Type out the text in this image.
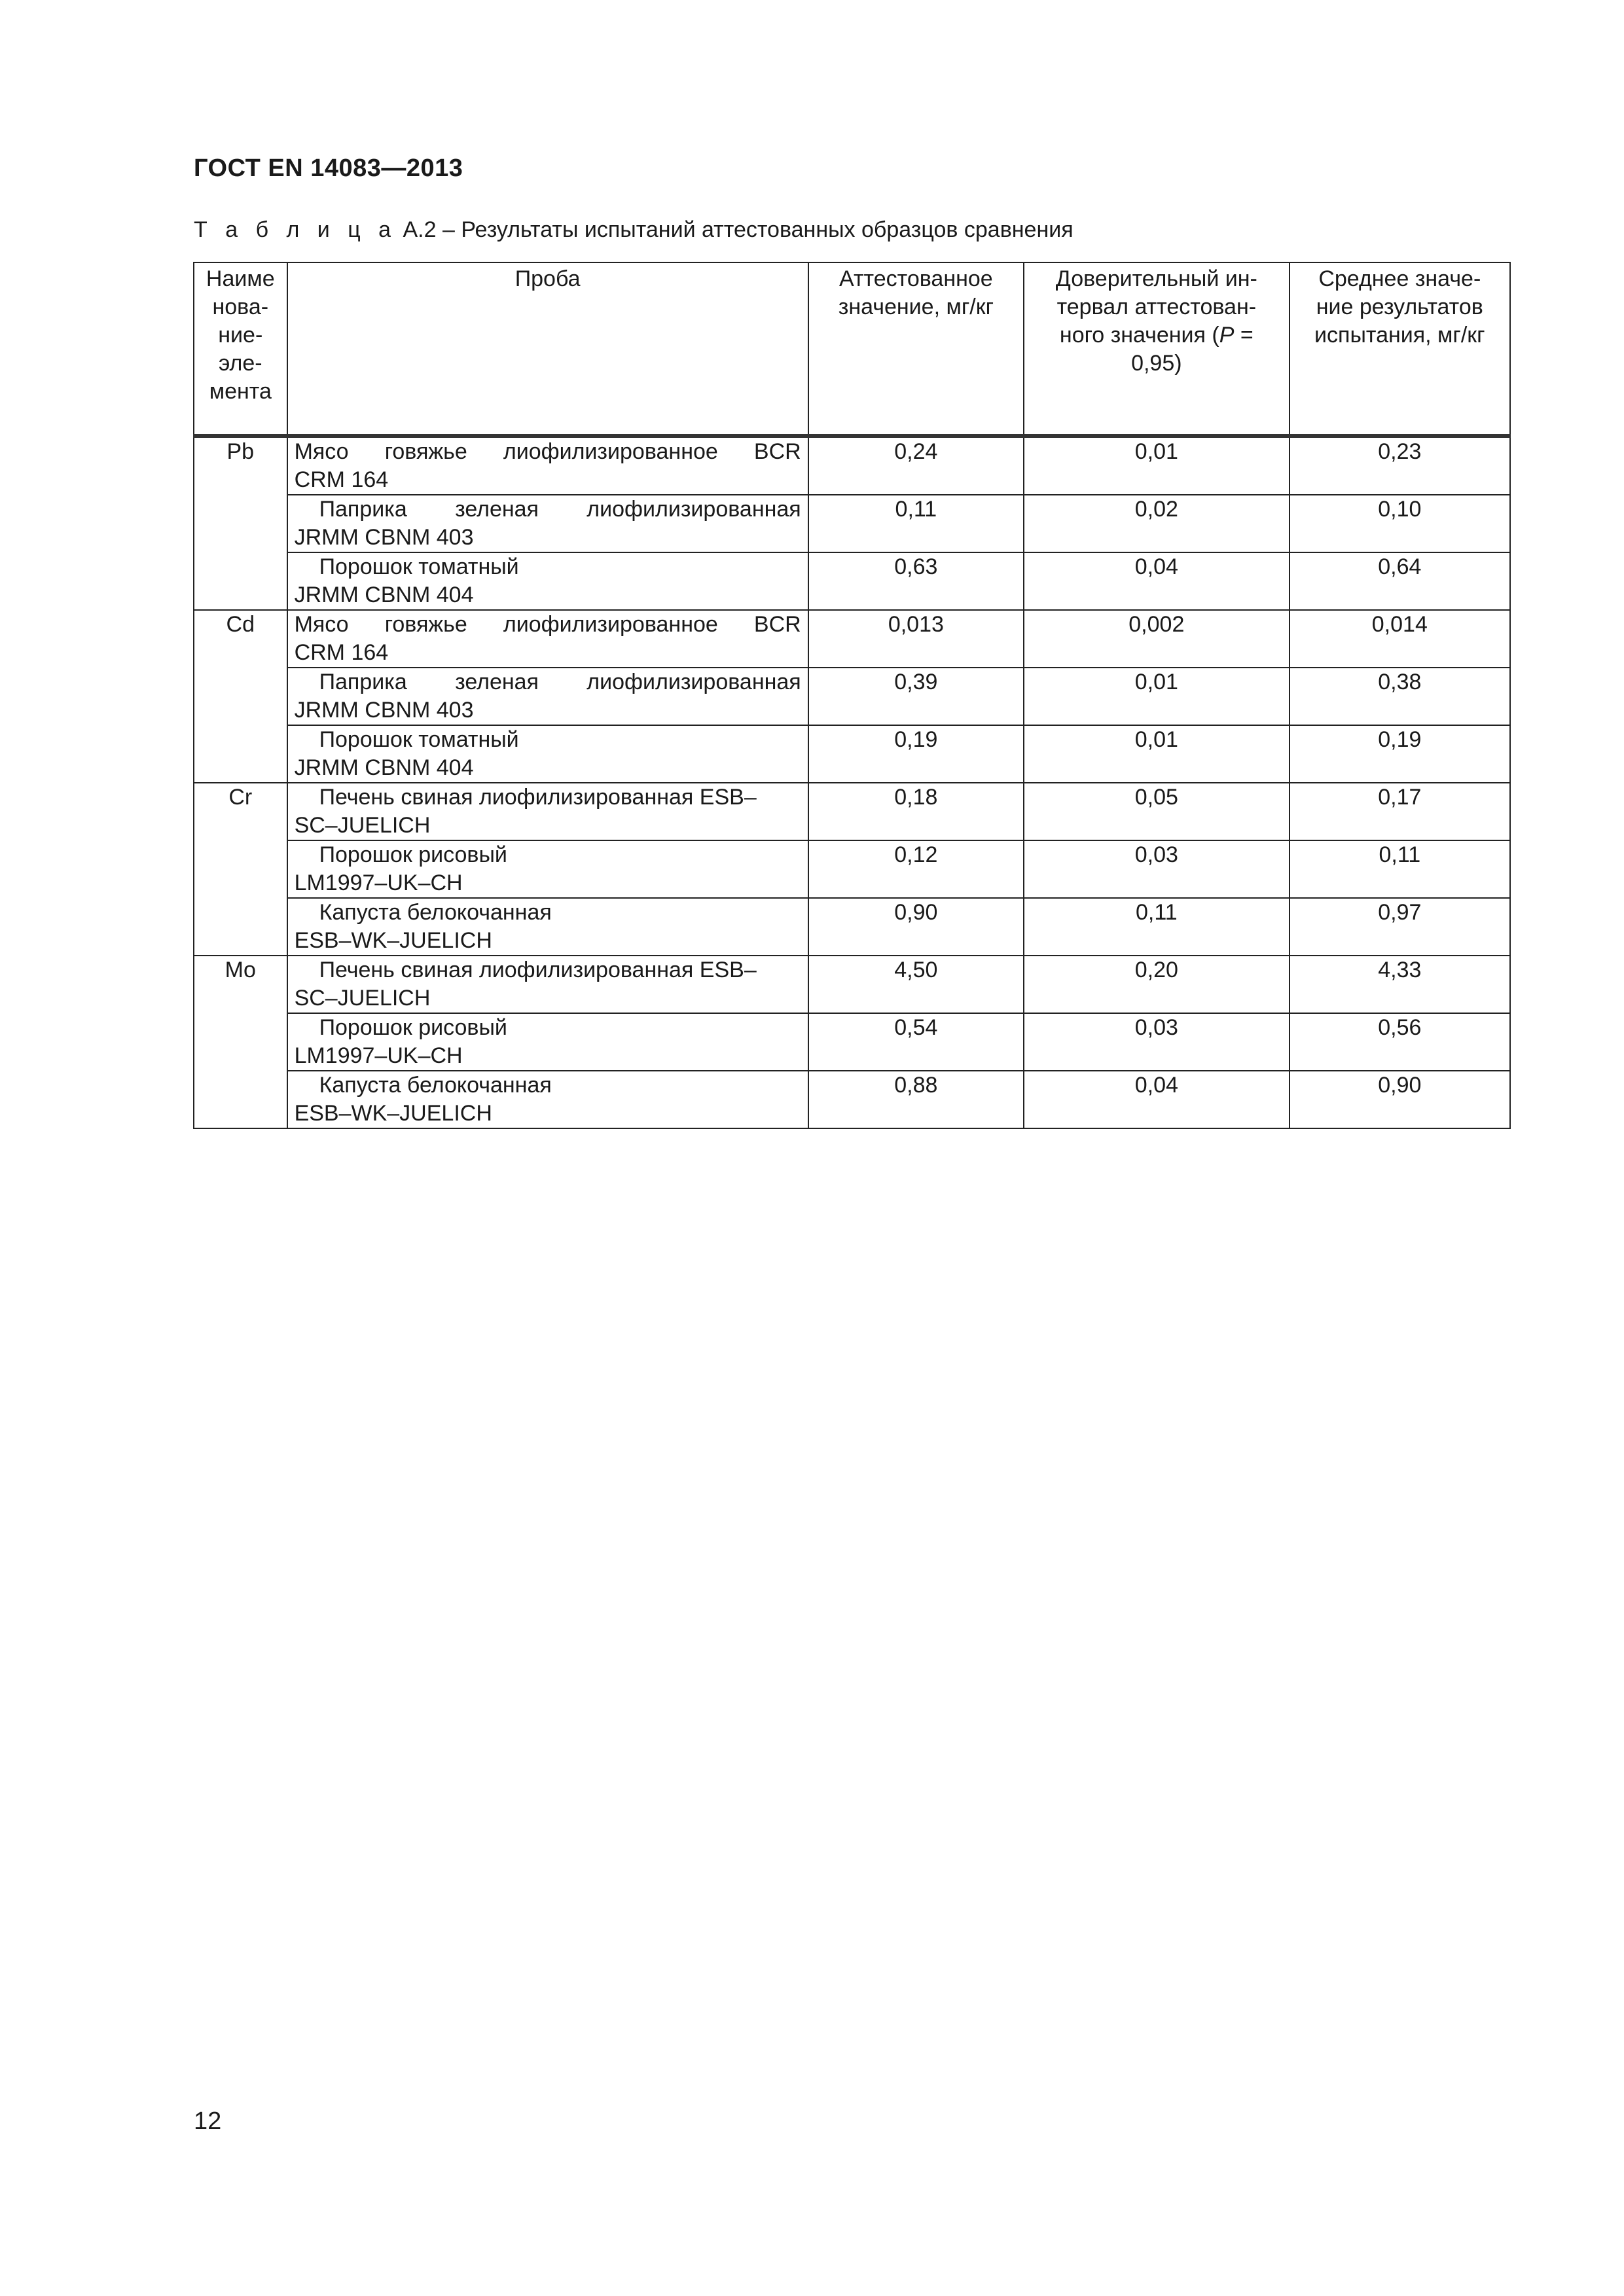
ГОСТ EN 14083—2013
Т а б л и ц а А.2 – Результаты испытаний аттестованных образцов сравнения
Наиме
нова-
ние-
эле-
мента	Проба	Аттестованное
значение, мг/кг	Доверительный ин-
тервал аттестован-
ного значения (P =
0,95)	Среднее значе-
ние результатов
испытания, мг/кг
Pb	Мясо говяжье лиофилизированное BCR
CRM 164	0,24	0,01	0,23

	Паприка зеленая лиофилизированная
JRMM CBNM 403	0,11	0,02	0,10

	Порошок томатный
JRMM CBNM 404	0,63	0,04	0,64
Cd	Мясо говяжье лиофилизированное BCR
CRM 164	0,013	0,002	0,014

	Паприка зеленая лиофилизированная
JRMM CBNM 403	0,39	0,01	0,38

	Порошок томатный
JRMM CBNM 404	0,19	0,01	0,19
Cr	Печень свиная лиофилизированная ESB–
SC–JUELICH	0,18	0,05	0,17

	Порошок рисовый
LM1997–UK–CH	0,12	0,03	0,11

	Капуста белокочанная
ESB–WK–JUELICH	0,90	0,11	0,97
Mo	Печень свиная лиофилизированная ESB–
SC–JUELICH	4,50	0,20	4,33

	Порошок рисовый
LM1997–UK–CH	0,54	0,03	0,56

	Капуста белокочанная
ESB–WK–JUELICH	0,88	0,04	0,90
12
